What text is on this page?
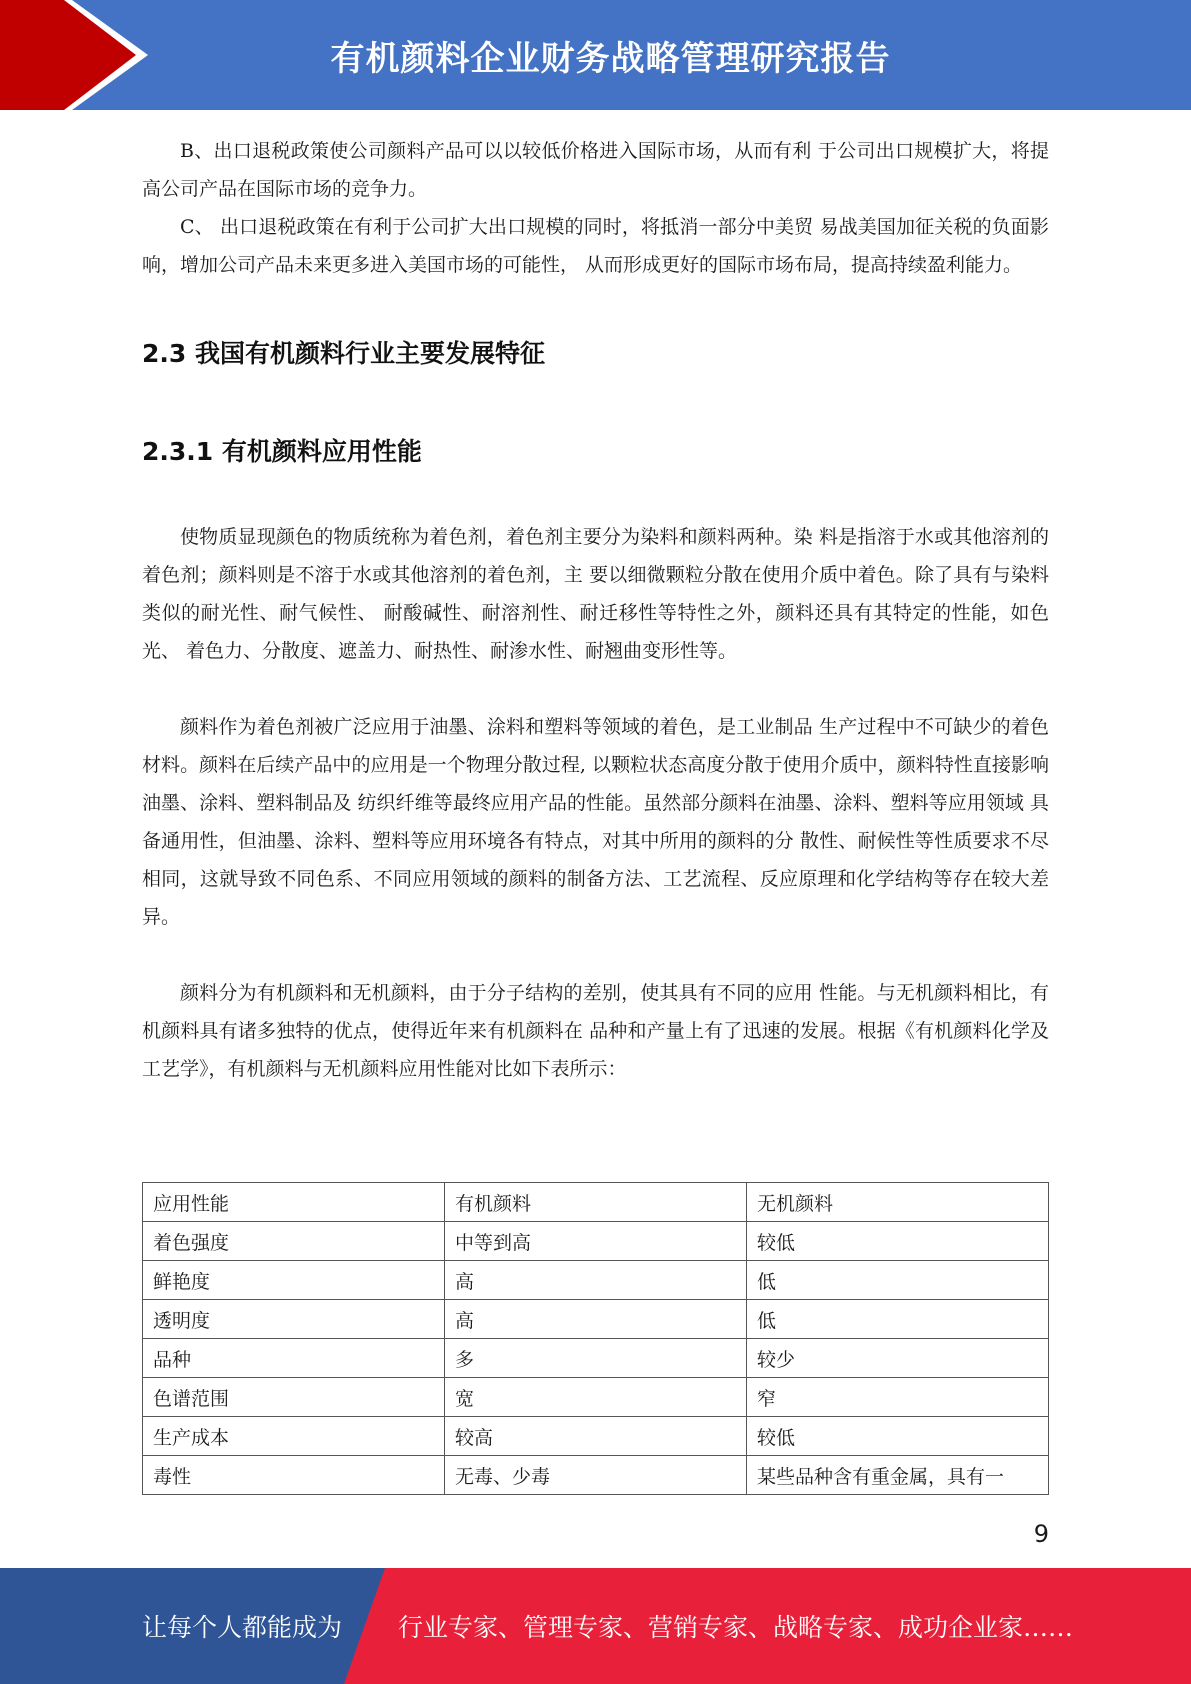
有机颜料企业财务战略管理研究报告

B、出口退税政策使公司颜料产品可以以较低价格进入国际市场，从而有利 于公司出口规模扩大，将提高公司产品在国际市场的竞争力。

C、 出口退税政策在有利于公司扩大出口规模的同时，将抵消一部分中美贸 易战美国加征关税的负面影响，增加公司产品未来更多进入美国市场的可能性， 从而形成更好的国际市场布局，提高持续盈利能力。

2.3 我国有机颜料行业主要发展特征
2.3.1 有机颜料应用性能

使物质显现颜色的物质统称为着色剂，着色剂主要分为染料和颜料两种。染 料是指溶于水或其他溶剂的着色剂；颜料则是不溶于水或其他溶剂的着色剂，主 要以细微颗粒分散在使用介质中着色。除了具有与染料类似的耐光性、耐气候性、 耐酸碱性、耐溶剂性、耐迁移性等特性之外，颜料还具有其特定的性能，如色光、 着色力、分散度、遮盖力、耐热性、耐渗水性、耐翘曲变形性等。

颜料作为着色剂被广泛应用于油墨、涂料和塑料等领域的着色，是工业制品 生产过程中不可缺少的着色材料。颜料在后续产品中的应用是一个物理分散过程, 以颗粒状态高度分散于使用介质中，颜料特性直接影响油墨、涂料、塑料制品及 纺织纤维等最终应用产品的性能。虽然部分颜料在油墨、涂料、塑料等应用领域 具备通用性，但油墨、涂料、塑料等应用环境各有特点，对其中所用的颜料的分 散性、耐候性等性质要求不尽相同，这就导致不同色系、不同应用领域的颜料的制备方法、工艺流程、反应原理和化学结构等存在较大差异。

颜料分为有机颜料和无机颜料，由于分子结构的差别，使其具有不同的应用 性能。与无机颜料相比，有机颜料具有诸多独特的优点，使得近年来有机颜料在 品种和产量上有了迅速的发展。根据《有机颜料化学及工艺学》，有机颜料与无机颜料应用性能对比如下表所示：

应用性能	有机颜料	无机颜料
着色强度	中等到高	较低
鲜艳度	高	低
透明度	高	低
品种	多	较少
色谱范围	宽	窄
生产成本	较高	较低
毒性	无毒、少毒	某些品种含有重金属，具有一
9
让每个人都能成为 行业专家、管理专家、营销专家、战略专家、成功企业家……
